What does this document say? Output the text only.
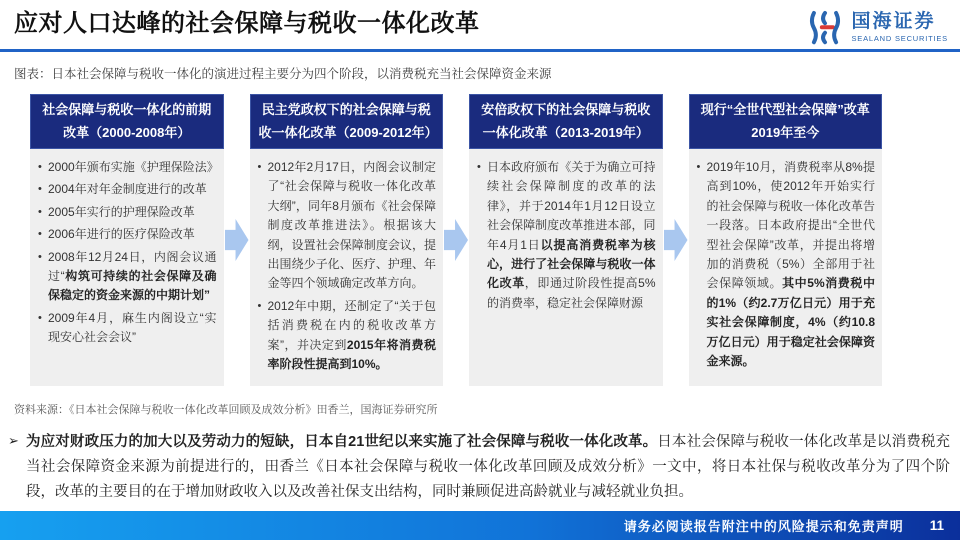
应对人口达峰的社会保障与税收一体化改革	国海证券
SEALAND SECURITIES
图表：日本社会保障与税收一体化的演进过程主要分为四个阶段，以消费税充当社会保障资金来源
社会保障与税收一体化的前期改革（2000-2008年）
• 2000年颁布实施《护理保险法》
• 2004年对年金制度进行的改革
• 2005年实行的护理保险改革
• 2006年进行的医疗保险改革
• 2008年12月24日，内阁会议通过“构筑可持续的社会保障及确保稳定的资金来源的中期计划”
• 2009年4月，麻生内阁设立“实现安心社会会议”
民主党政权下的社会保障与税收一体化改革（2009-2012年）
• 2012年2月17日，内阁会议制定了“社会保障与税收一体化改革大纲”，同年8月颁布《社会保障制度改革推进法》。根据该大纲，设置社会保障制度会议，提出围绕少子化、医疗、护理、年金等四个领域确定改革方向。
• 2012年中期，还制定了“关于包括消费税在内的税收改革方案”，并决定到2015年将消费税率阶段性提高到10%。
安倍政权下的社会保障与税收一体化改革（2013-2019年）
• 日本政府颁布《关于为确立可持续社会保障制度的改革的法律》，并于2014年1月12日设立社会保障制度改革推进本部，同年4月1日以提高消费税率为核心，进行了社会保障与税收一体化改革，即通过阶段性提高5%的消费率，稳定社会保障财源
现行“全世代型社会保障”改革 2019年至今
• 2019年10月，消费税率从8%提高到10%，使2012年开始实行的社会保障与税收一体化改革告一段落。日本政府提出“全世代型社会保障”改革，并提出将增加的消费税（5%）全部用于社会保障领域。其中5%消费税中的1%（约2.7万亿日元）用于充实社会保障制度，4%（约10.8万亿日元）用于稳定社会保障资金来源。
资料来源：《日本社会保障与税收一体化改革回顾及成效分析》田香兰，国海证券研究所
➢ 为应对财政压力的加大以及劳动力的短缺，日本自21世纪以来实施了社会保障与税收一体化改革。日本社会保障与税收一体化改革是以消费税充当社会保障资金来源为前提进行的，田香兰《日本社会保障与税收一体化改革回顾及成效分析》一文中，将日本社保与税收改革分为了四个阶段，改革的主要目的在于增加财政收入以及改善社保支出结构，同时兼顾促进高龄就业与减轻就业负担。
请务必阅读报告附注中的风险提示和免责声明 11
